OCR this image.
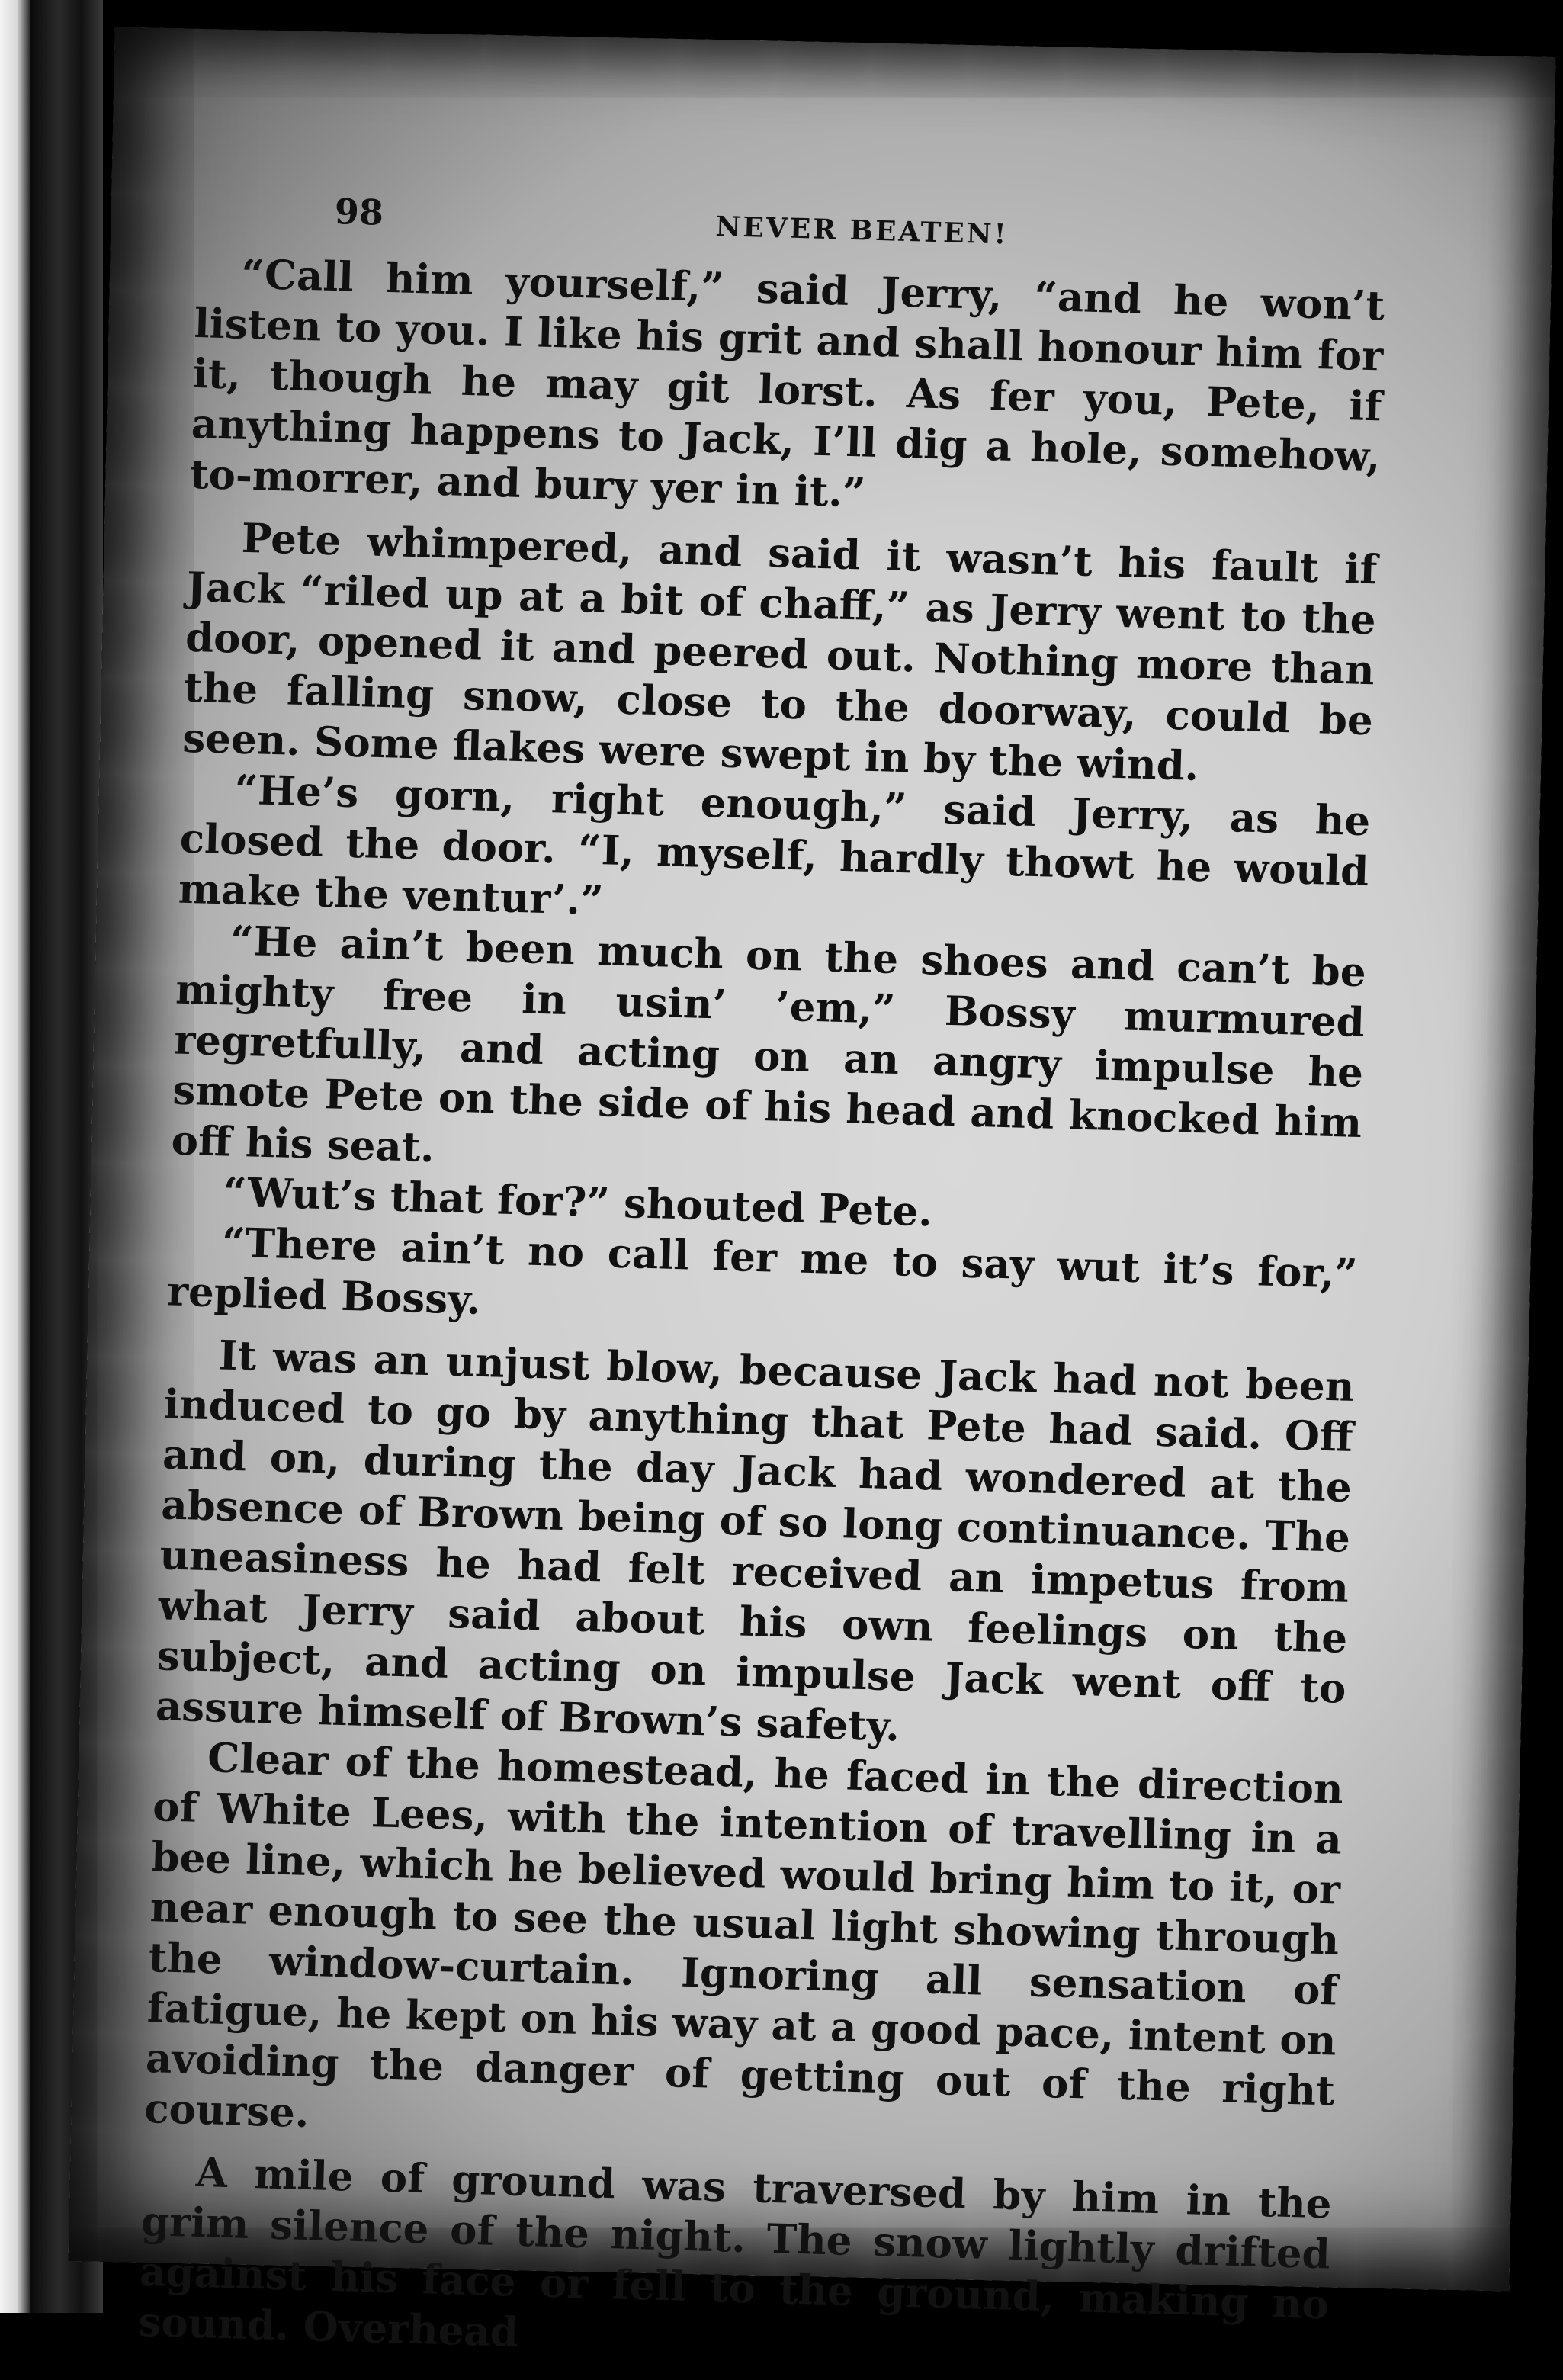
98	NEVER BEATEN!

“Call him yourself,” said Jerry, “and he won’t listen to you. I like his grit and shall honour him for it, though he may git lorst. As fer you, Pete, if anything happens to Jack, I’ll dig a hole, somehow, to-morrer, and bury yer in it.”

Pete whimpered, and said it wasn’t his fault if Jack “riled up at a bit of chaff,” as Jerry went to the door, opened it and peered out. Nothing more than the falling snow, close to the doorway, could be seen. Some flakes were swept in by the wind.

“He’s gorn, right enough,” said Jerry, as he closed the door. “I, myself, hardly thowt he would make the ventur’.”

“He ain’t been much on the shoes and can’t be mighty free in usin’ ’em,” Bossy murmured regretfully, and acting on an angry impulse he smote Pete on the side of his head and knocked him off his seat.

“Wut’s that for?” shouted Pete.

“There ain’t no call fer me to say wut it’s for,” replied Bossy.

It was an unjust blow, because Jack had not been induced to go by anything that Pete had said. Off and on, during the day Jack had wondered at the absence of Brown being of so long continuance. The uneasiness he had felt received an impetus from what Jerry said about his own feelings on the subject, and acting on impulse Jack went off to assure himself of Brown’s safety.

Clear of the homestead, he faced in the direction of White Lees, with the intention of travelling in a bee line, which he believed would bring him to it, or near enough to see the usual light showing through the window-curtain. Ignoring all sensation of fatigue, he kept on his way at a good pace, intent on avoiding the danger of getting out of the right course.

A mile of ground was traversed by him in the grim silence of the night. The snow lightly drifted against his face or fell to the ground, making no sound. Overhead
